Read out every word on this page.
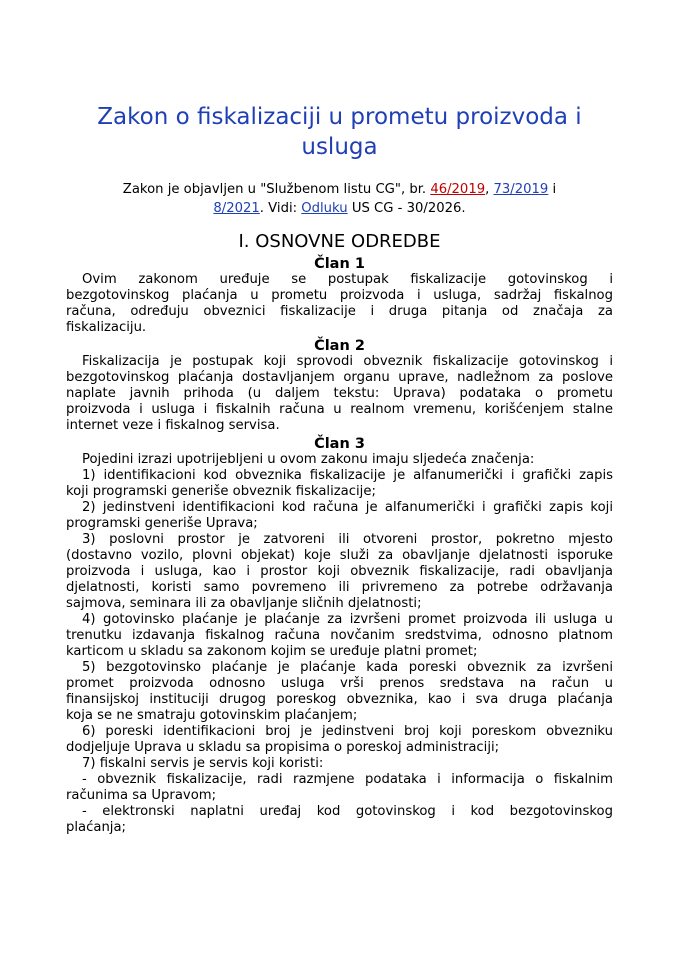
Zakon o fiskalizaciji u prometu proizvoda i usluga
Zakon je objavljen u "Službenom listu CG", br. 46/2019, 73/2019 i
8/2021. Vidi: Odluku US CG - 30/2026.
I. OSNOVNE ODREDBE
Član 1
Ovim zakonom uređuje se postupak fiskalizacije gotovinskog i
bezgotovinskog plaćanja u prometu proizvoda i usluga, sadržaj fiskalnog
računa, određuju obveznici fiskalizacije i druga pitanja od značaja za
fiskalizaciju.
Član 2
Fiskalizacija je postupak koji sprovodi obveznik fiskalizacije gotovinskog i
bezgotovinskog plaćanja dostavljanjem organu uprave, nadležnom za poslove
naplate javnih prihoda (u daljem tekstu: Uprava) podataka o prometu
proizvoda i usluga i fiskalnih računa u realnom vremenu, korišćenjem stalne
internet veze i fiskalnog servisa.
Član 3
Pojedini izrazi upotrijebljeni u ovom zakonu imaju sljedeća značenja:
1) identifikacioni kod obveznika fiskalizacije je alfanumerički i grafički zapis
koji programski generiše obveznik fiskalizacije;
2) jedinstveni identifikacioni kod računa je alfanumerički i grafički zapis koji
programski generiše Uprava;
3) poslovni prostor je zatvoreni ili otvoreni prostor, pokretno mjesto
(dostavno vozilo, plovni objekat) koje služi za obavljanje djelatnosti isporuke
proizvoda i usluga, kao i prostor koji obveznik fiskalizacije, radi obavljanja
djelatnosti, koristi samo povremeno ili privremeno za potrebe održavanja
sajmova, seminara ili za obavljanje sličnih djelatnosti;
4) gotovinsko plaćanje je plaćanje za izvršeni promet proizvoda ili usluga u
trenutku izdavanja fiskalnog računa novčanim sredstvima, odnosno platnom
karticom u skladu sa zakonom kojim se uređuje platni promet;
5) bezgotovinsko plaćanje je plaćanje kada poreski obveznik za izvršeni
promet proizvoda odnosno usluga vrši prenos sredstava na račun u
finansijskoj instituciji drugog poreskog obveznika, kao i sva druga plaćanja
koja se ne smatraju gotovinskim plaćanjem;
6) poreski identifikacioni broj je jedinstveni broj koji poreskom obvezniku
dodjeljuje Uprava u skladu sa propisima o poreskoj administraciji;
7) fiskalni servis je servis koji koristi:
- obveznik fiskalizacije, radi razmjene podataka i informacija o fiskalnim
računima sa Upravom;
- elektronski naplatni uređaj kod gotovinskog i kod bezgotovinskog
plaćanja;
